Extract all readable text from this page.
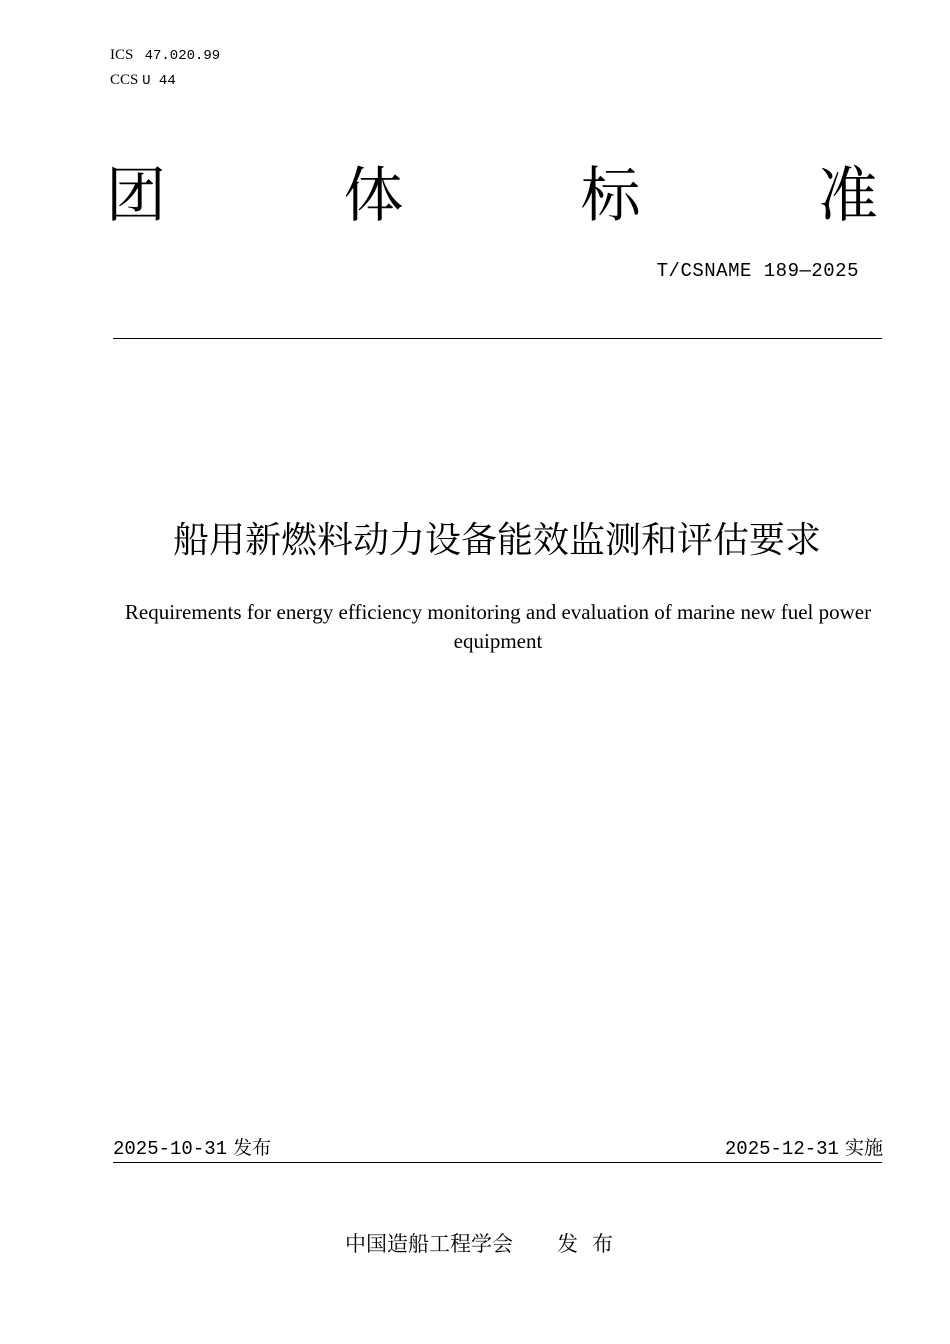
ICS 47.020.99
CCS U 44
团	体	标	准
T/CSNAME 189—2025
船用新燃料动力设备能效监测和评估要求
Requirements for energy efficiency monitoring and evaluation of marine new fuel power equipment
2025-10-31 发布	2025-12-31 实施
中国造船工程学会 发布
